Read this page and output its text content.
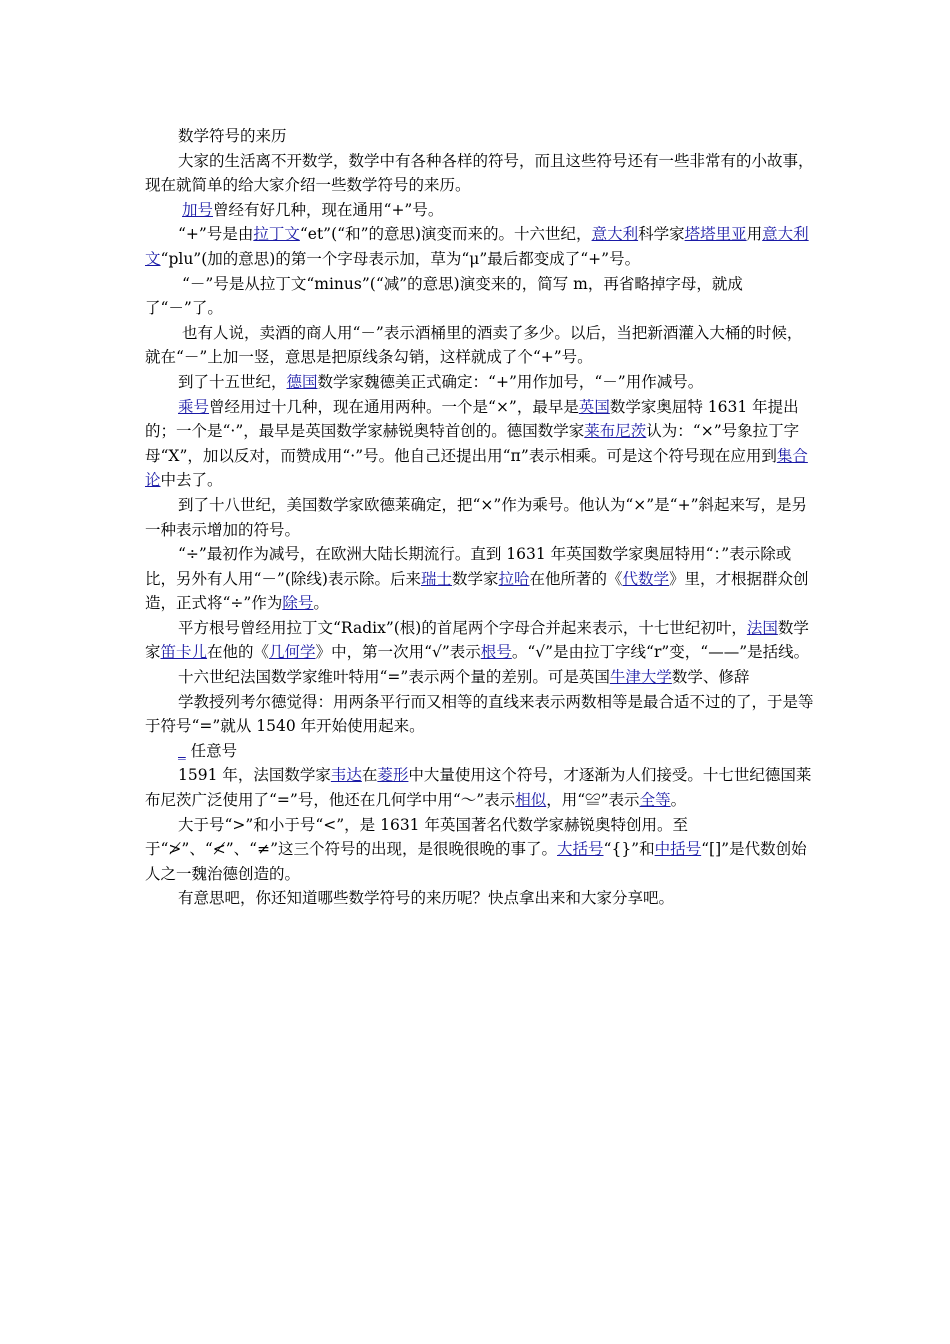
数学符号的来历

大家的生活离不开数学，数学中有各种各样的符号，而且这些符号还有一些非常有的小故事，现在就简单的给大家介绍一些数学符号的来历。

加号曾经有好几种，现在通用“+”号。

“+”号是由拉丁文“et”(“和”的意思)演变而来的。十六世纪，意大利科学家塔塔里亚用意大利文“plu”(加的意思)的第一个字母表示加，草为“μ”最后都变成了“+”号。

“－”号是从拉丁文“minus”(“减”的意思)演变来的，简写 m，再省略掉字母，就成了“－”了。

也有人说，卖酒的商人用“－”表示酒桶里的酒卖了多少。以后，当把新酒灌入大桶的时候，就在“－”上加一竖，意思是把原线条勾销，这样就成了个“+”号。

到了十五世纪，德国数学家魏德美正式确定：“+”用作加号，“－”用作减号。

乘号曾经用过十几种，现在通用两种。一个是“×”，最早是英国数学家奥屈特 1631 年提出的；一个是“·”，最早是英国数学家赫锐奥特首创的。德国数学家莱布尼茨认为：“×”号象拉丁字母“X”，加以反对，而赞成用“·”号。他自己还提出用“п”表示相乘。可是这个符号现在应用到集合论中去了。

到了十八世纪，美国数学家欧德莱确定，把“×”作为乘号。他认为“×”是“+”斜起来写，是另一种表示增加的符号。

“÷”最初作为减号，在欧洲大陆长期流行。直到 1631 年英国数学家奥屈特用“：”表示除或比，另外有人用“－”(除线)表示除。后来瑞士数学家拉哈在他所著的《代数学》里，才根据群众创造，正式将“÷”作为除号。

平方根号曾经用拉丁文“Radix”(根)的首尾两个字母合并起来表示，十七世纪初叶，法国数学家笛卡儿在他的《几何学》中，第一次用“√”表示根号。“√”是由拉丁字线“r”变，“——”是括线。

十六世纪法国数学家维叶特用“=”表示两个量的差别。可是英国牛津大学数学、修辞

学教授列考尔德觉得：用两条平行而又相等的直线来表示两数相等是最合适不过的了，于是等于符号“=”就从 1540 年开始使用起来。

_ 任意号

1591 年，法国数学家韦达在菱形中大量使用这个符号，才逐渐为人们接受。十七世纪德国莱布尼茨广泛使用了“=”号，他还在几何学中用“～”表示相似，用“≌”表示全等。

大于号“>”和小于号“<”，是 1631 年英国著名代数学家赫锐奥特创用。至于“≯”、“≮”、“≠”这三个符号的出现，是很晚很晚的事了。大括号“{}”和中括号“[]”是代数创始人之一魏治德创造的。

有意思吧，你还知道哪些数学符号的来历呢？快点拿出来和大家分享吧。
